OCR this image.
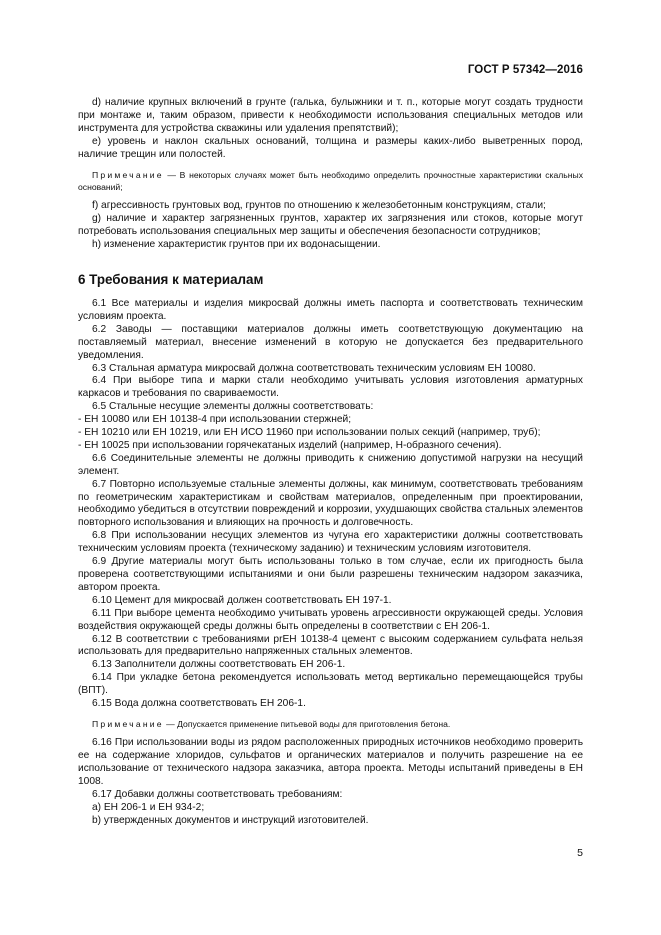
ГОСТ Р 57342—2016

d) наличие крупных включений в грунте (галька, булыжники и т. п., которые могут создать трудности при монтаже и, таким образом, привести к необходимости использования специальных методов или инструмента для устройства скважины или удаления препятствий);

e) уровень и наклон скальных оснований, толщина и размеры каких-либо выветренных пород, наличие трещин или полостей.

Примечание — В некоторых случаях может быть необходимо определить прочностные характеристики скальных оснований;

f) агрессивность грунтовых вод, грунтов по отношению к железобетонным конструкциям, стали;

g) наличие и характер загрязненных грунтов, характер их загрязнения или стоков, которые могут потребовать использования специальных мер защиты и обеспечения безопасности сотрудников;

h) изменение характеристик грунтов при их водонасыщении.

6 Требования к материалам

6.1 Все материалы и изделия микросвай должны иметь паспорта и соответствовать техническим условиям проекта.

6.2 Заводы — поставщики материалов должны иметь соответствующую документацию на поставляемый материал, внесение изменений в которую не допускается без предварительного уведомления.

6.3 Стальная арматура микросвай должна соответствовать техническим условиям ЕН 10080.

6.4 При выборе типа и марки стали необходимо учитывать условия изготовления арматурных каркасов и требования по свариваемости.

6.5 Стальные несущие элементы должны соответствовать:

- ЕН 10080 или ЕН 10138-4 при использовании стержней;

- ЕН 10210 или ЕН 10219, или ЕН ИСО 11960 при использовании полых секций (например, труб);

- ЕН 10025 при использовании горячекатаных изделий (например, Н-образного сечения).

6.6 Соединительные элементы не должны приводить к снижению допустимой нагрузки на несущий элемент.

6.7 Повторно используемые стальные элементы должны, как минимум, соответствовать требованиям по геометрическим характеристикам и свойствам материалов, определенным при проектировании, необходимо убедиться в отсутствии повреждений и коррозии, ухудшающих свойства стальных элементов повторного использования и влияющих на прочность и долговечность.

6.8 При использовании несущих элементов из чугуна его характеристики должны соответствовать техническим условиям проекта (техническому заданию) и техническим условиям изготовителя.

6.9 Другие материалы могут быть использованы только в том случае, если их пригодность была проверена соответствующими испытаниями и они были разрешены техническим надзором заказчика, автором проекта.

6.10 Цемент для микросвай должен соответствовать ЕН 197-1.

6.11 При выборе цемента необходимо учитывать уровень агрессивности окружающей среды. Условия воздействия окружающей среды должны быть определены в соответствии с ЕН 206-1.

6.12 В соответствии с требованиями prЕН 10138-4 цемент с высоким содержанием сульфата нельзя использовать для предварительно напряженных стальных элементов.

6.13 Заполнители должны соответствовать ЕН 206-1.

6.14 При укладке бетона рекомендуется использовать метод вертикально перемещающейся трубы (ВПТ).

6.15 Вода должна соответствовать ЕН 206-1.

Примечание — Допускается применение питьевой воды для приготовления бетона.

6.16 При использовании воды из рядом расположенных природных источников необходимо проверить ее на содержание хлоридов, сульфатов и органических материалов и получить разрешение на ее использование от технического надзора заказчика, автора проекта. Методы испытаний приведены в ЕН 1008.

6.17 Добавки должны соответствовать требованиям:

a) ЕН 206-1 и ЕН 934-2;

b) утвержденных документов и инструкций изготовителей.

5
